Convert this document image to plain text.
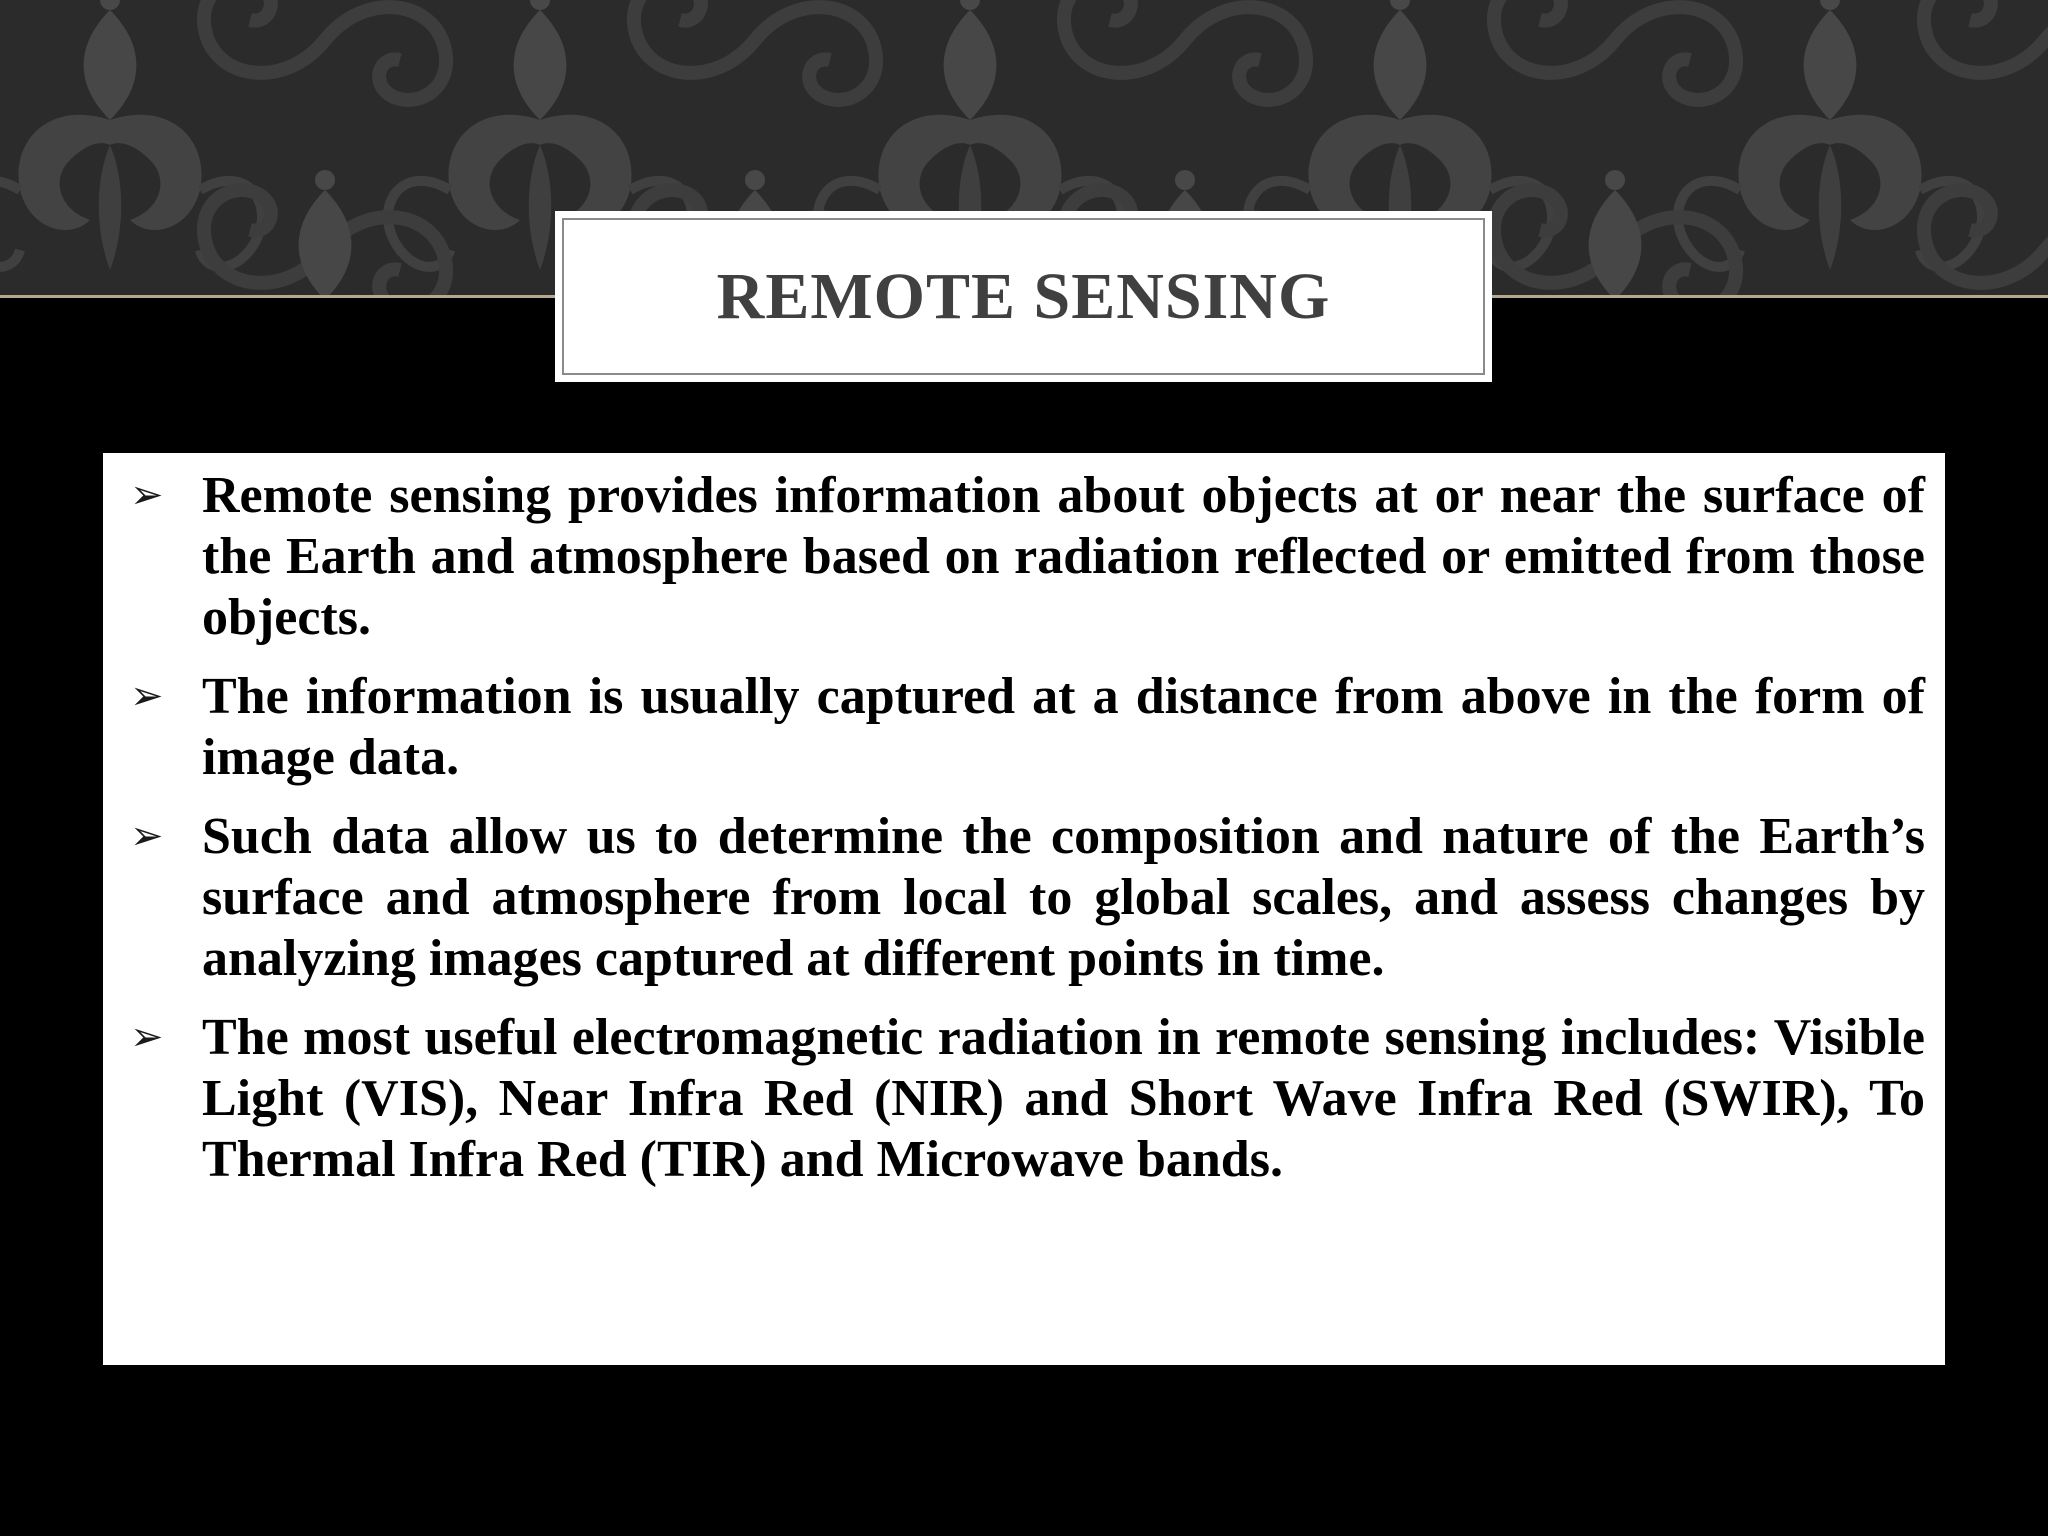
REMOTE SENSING
➢ Remote sensing provides information about objects at or near the surface of the Earth and atmosphere based on radiation reflected or emitted from those objects.
➢ The information is usually captured at a distance from above in the form of image data.
➢ Such data allow us to determine the composition and nature of the Earth’s surface and atmosphere from local to global scales, and assess changes by analyzing images captured at different points in time.
➢ The most useful electromagnetic radiation in remote sensing includes: Visible Light (VIS), Near Infra Red (NIR) and Short Wave Infra Red (SWIR), To Thermal Infra Red (TIR) and Microwave bands.
